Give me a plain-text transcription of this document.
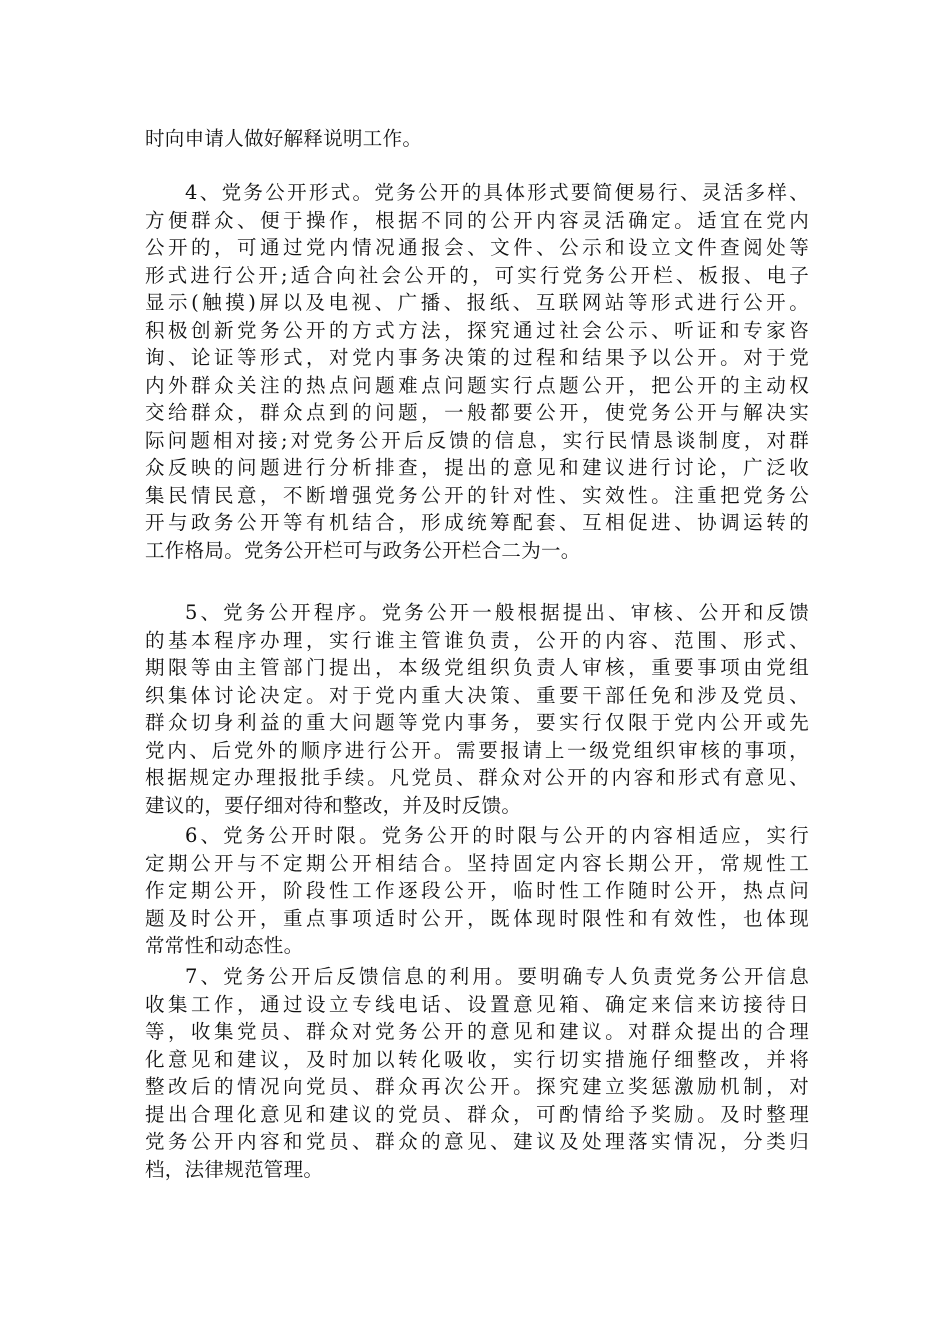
时向申请人做好解释说明工作。
4、党务公开形式。党务公开的具体形式要简便易行、灵活多样、
方便群众、便于操作，根据不同的公开内容灵活确定。适宜在党内
公开的，可通过党内情况通报会、文件、公示和设立文件查阅处等
形式进行公开;适合向社会公开的，可实行党务公开栏、板报、电子
显示(触摸)屏以及电视、广播、报纸、互联网站等形式进行公开。
积极创新党务公开的方式方法，探究通过社会公示、听证和专家咨
询、论证等形式，对党内事务决策的过程和结果予以公开。对于党
内外群众关注的热点问题难点问题实行点题公开，把公开的主动权
交给群众，群众点到的问题，一般都要公开，使党务公开与解决实
际问题相对接;对党务公开后反馈的信息，实行民情恳谈制度，对群
众反映的问题进行分析排查，提出的意见和建议进行讨论，广泛收
集民情民意，不断增强党务公开的针对性、实效性。注重把党务公
开与政务公开等有机结合，形成统筹配套、互相促进、协调运转的
工作格局。党务公开栏可与政务公开栏合二为一。
5、党务公开程序。党务公开一般根据提出、审核、公开和反馈
的基本程序办理，实行谁主管谁负责，公开的内容、范围、形式、
期限等由主管部门提出，本级党组织负责人审核，重要事项由党组
织集体讨论决定。对于党内重大决策、重要干部任免和涉及党员、
群众切身利益的重大问题等党内事务，要实行仅限于党内公开或先
党内、后党外的顺序进行公开。需要报请上一级党组织审核的事项，
根据规定办理报批手续。凡党员、群众对公开的内容和形式有意见、
建议的，要仔细对待和整改，并及时反馈。
6、党务公开时限。党务公开的时限与公开的内容相适应，实行
定期公开与不定期公开相结合。坚持固定内容长期公开，常规性工
作定期公开，阶段性工作逐段公开，临时性工作随时公开，热点问
题及时公开，重点事项适时公开，既体现时限性和有效性，也体现
常常性和动态性。
7、党务公开后反馈信息的利用。要明确专人负责党务公开信息
收集工作，通过设立专线电话、设置意见箱、确定来信来访接待日
等，收集党员、群众对党务公开的意见和建议。对群众提出的合理
化意见和建议，及时加以转化吸收，实行切实措施仔细整改，并将
整改后的情况向党员、群众再次公开。探究建立奖惩激励机制，对
提出合理化意见和建议的党员、群众，可酌情给予奖励。及时整理
党务公开内容和党员、群众的意见、建议及处理落实情况，分类归
档，法律规范管理。
